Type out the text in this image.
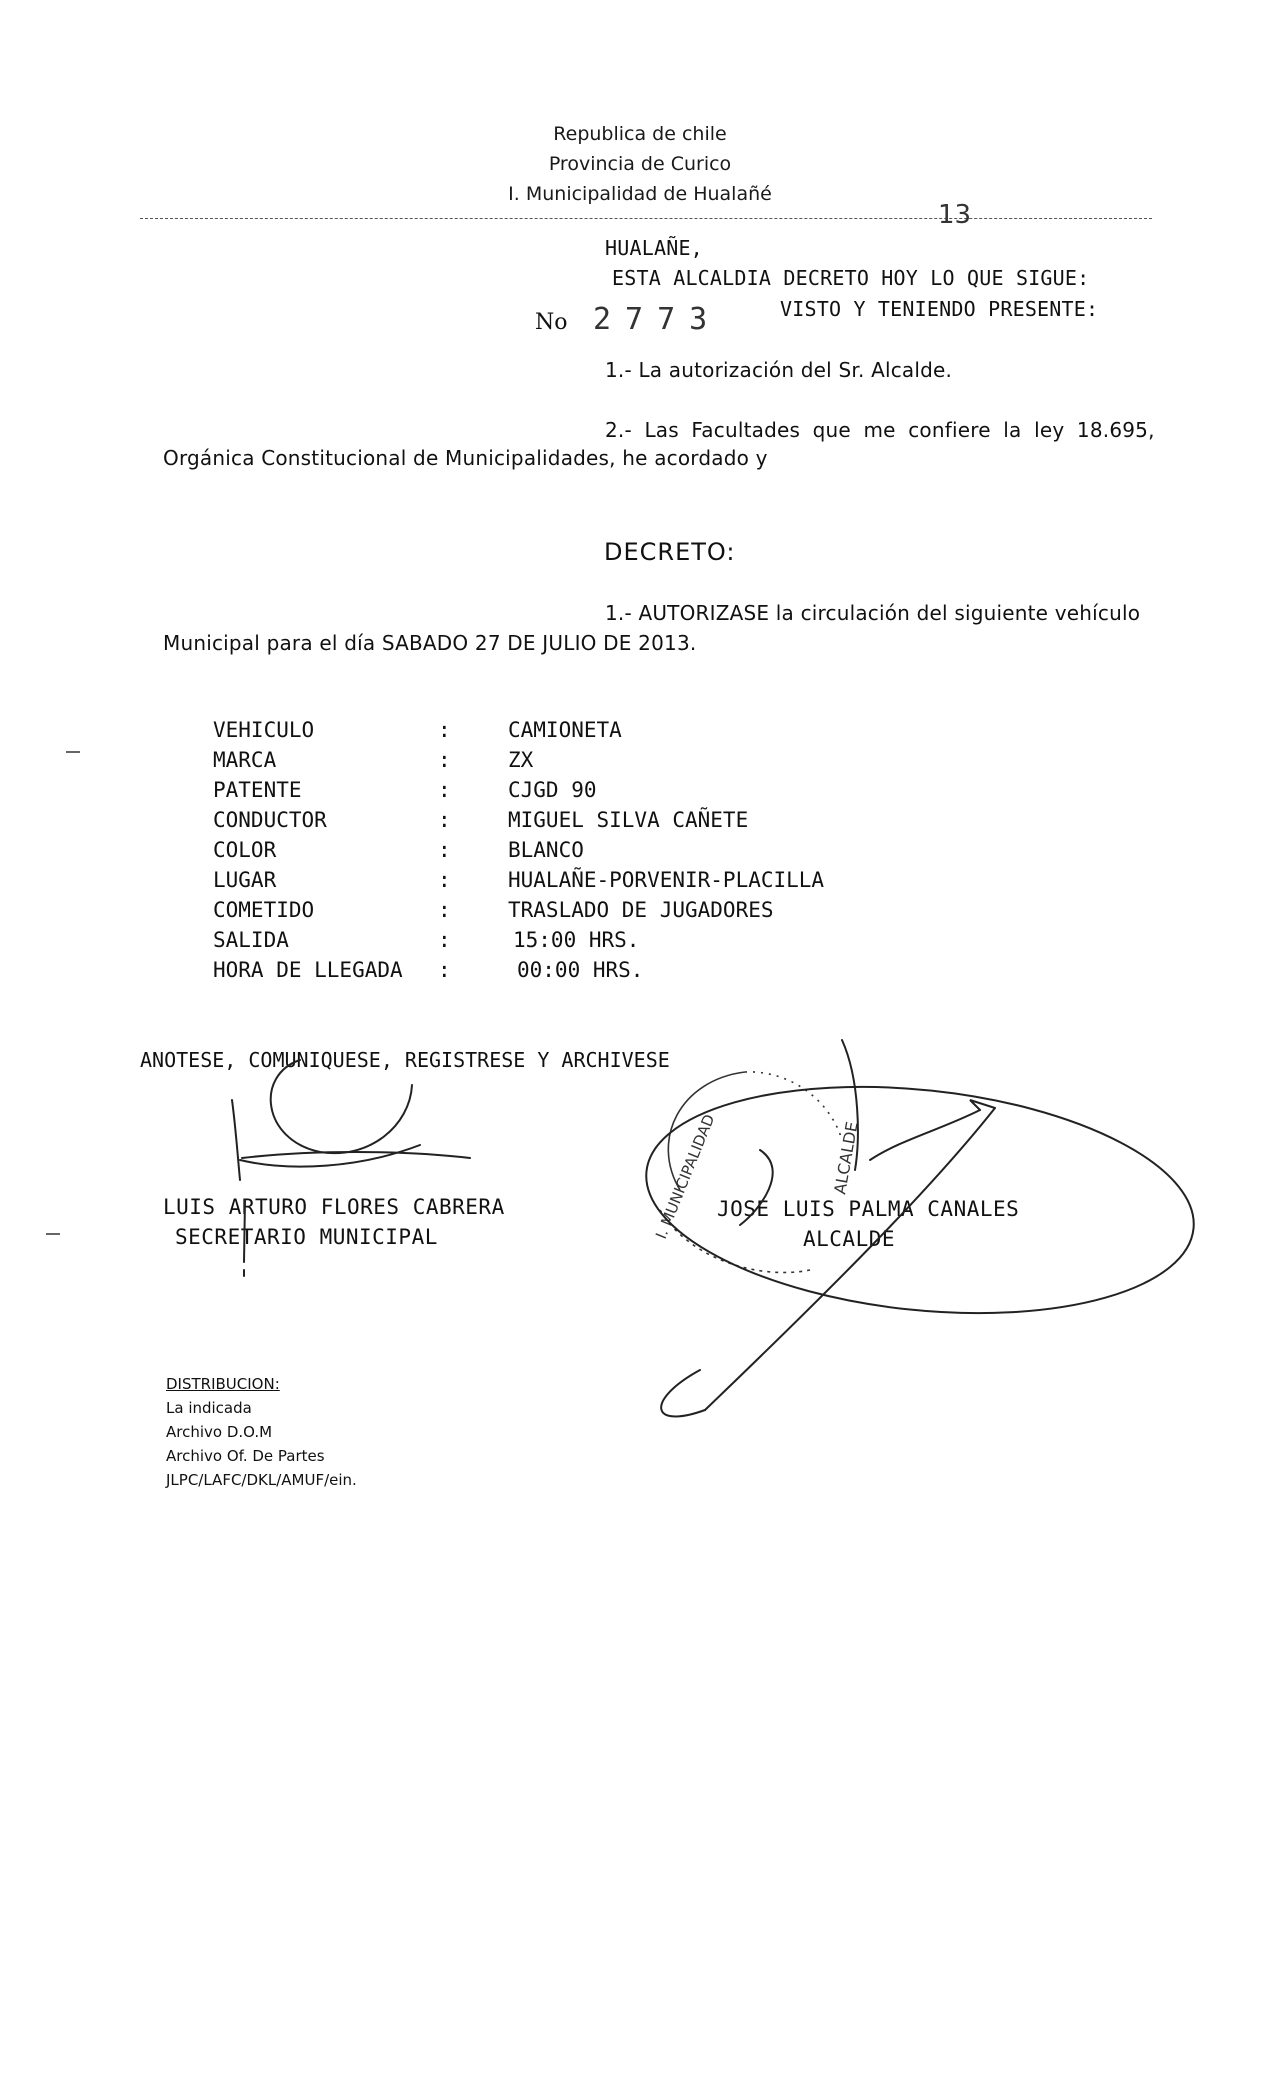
Republica de chile
Provincia de Curico
I. Municipalidad de Hualañé
13
HUALAÑE,
ESTA ALCALDIA DECRETO HOY LO QUE SIGUE:
No 2773	VISTO Y TENIENDO PRESENTE:
1.- La autorización del Sr. Alcalde.
2.- Las Facultades que me confiere la ley 18.695,
Orgánica Constitucional de Municipalidades, he acordado y
DECRETO:
1.- AUTORIZASE la circulación del siguiente vehículo
Municipal para el día SABADO 27 DE JULIO DE 2013.
VEHICULO	:	CAMIONETA
MARCA	:	ZX
PATENTE	:	CJGD 90
CONDUCTOR	:	MIGUEL SILVA CAÑETE
COLOR	:	BLANCO
LUGAR	:	HUALAÑE-PORVENIR-PLACILLA
COMETIDO	:	TRASLADO DE JUGADORES
SALIDA	:	15:00 HRS.
HORA DE LLEGADA :	00:00 HRS.
ANOTESE, COMUNIQUESE, REGISTRESE Y ARCHIVESE
LUIS ARTURO FLORES CABRERA
SECRETARIO MUNICIPAL
JOSE LUIS PALMA CANALES
ALCALDE
DISTRIBUCION:
La indicada
Archivo D.O.M
Archivo Of. De Partes
JLPC/LAFC/DKL/AMUF/ein.
I. MUNICIPALIDAD	ALCALDE
